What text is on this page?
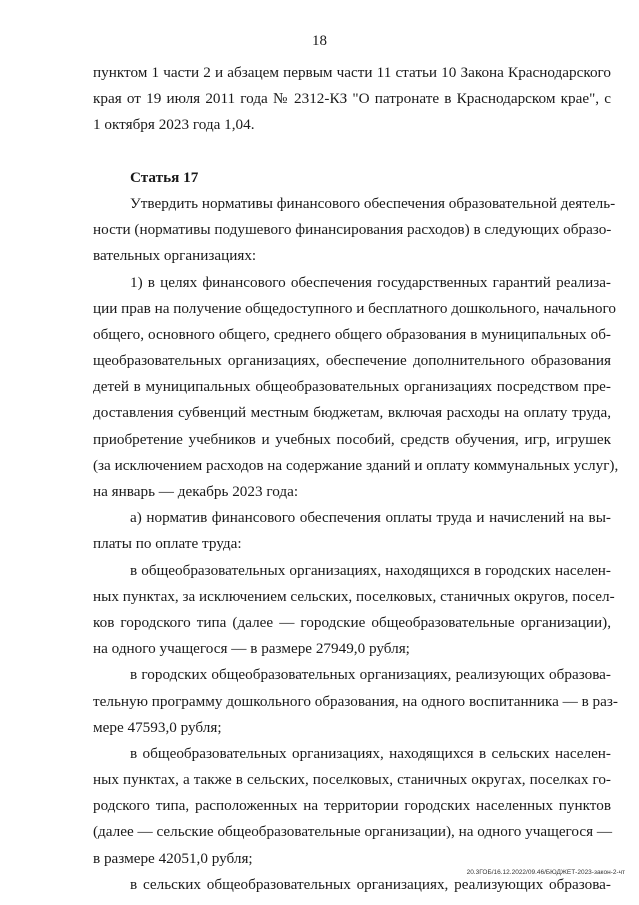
18
пунктом 1 части 2 и абзацем первым части 11 статьи 10 Закона Краснодарского
края от 19 июля 2011 года № 2312-КЗ "О патронате в Краснодарском крае", с
1 октября 2023 года 1,04.
Статья 17
Утвердить нормативы финансового обеспечения образовательной деятель-
ности (нормативы подушевого финансирования расходов) в следующих образо-
вательных организациях:
1) в целях финансового обеспечения государственных гарантий реализа-
ции прав на получение общедоступного и бесплатного дошкольного, начального
общего, основного общего, среднего общего образования в муниципальных об-
щеобразовательных организациях, обеспечение дополнительного образования
детей в муниципальных общеобразовательных организациях посредством пре-
доставления субвенций местным бюджетам, включая расходы на оплату труда,
приобретение учебников и учебных пособий, средств обучения, игр, игрушек
(за исключением расходов на содержание зданий и оплату коммунальных услуг),
на январь — декабрь 2023 года:
а) норматив финансового обеспечения оплаты труда и начислений на вы-
платы по оплате труда:
в общеобразовательных организациях, находящихся в городских населен-
ных пунктах, за исключением сельских, поселковых, станичных округов, посел-
ков городского типа (далее — городские общеобразовательные организации),
на одного учащегося — в размере 27949,0 рубля;
в городских общеобразовательных организациях, реализующих образова-
тельную программу дошкольного образования, на одного воспитанника — в раз-
мере 47593,0 рубля;
в общеобразовательных организациях, находящихся в сельских населен-
ных пунктах, а также в сельских, поселковых, станичных округах, поселках го-
родского типа, расположенных на территории городских населенных пунктов
(далее — сельские общеобразовательные организации), на одного учащегося —
в размере 42051,0 рубля;
в сельских общеобразовательных организациях, реализующих образова-
20.3ГОБ/16.12.2022/09.46/БЮДЖЕТ-2023-закон-2-чт
